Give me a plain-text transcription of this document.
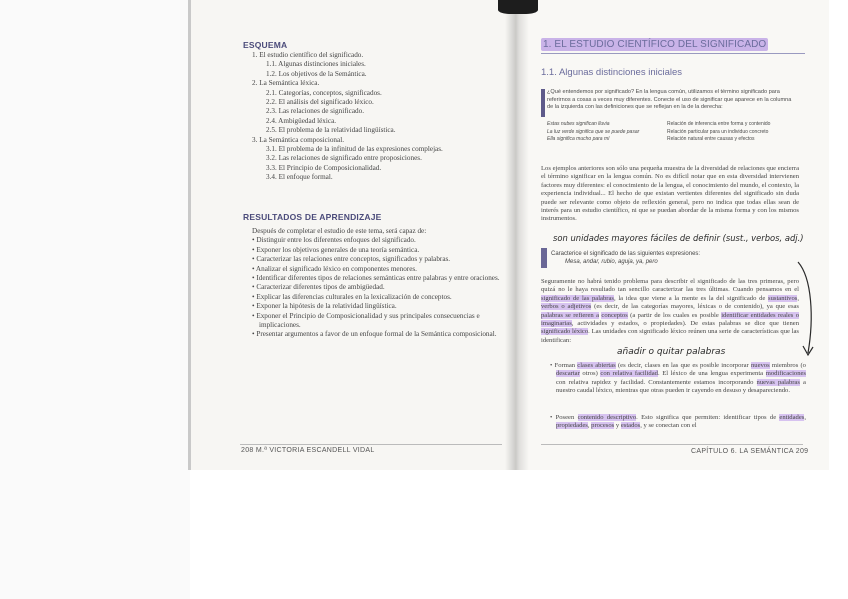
ESQUEMA
1. El estudio científico del significado.
1.1. Algunas distinciones iniciales.
1.2. Los objetivos de la Semántica.
2. La Semántica léxica.
2.1. Categorías, conceptos, significados.
2.2. El análisis del significado léxico.
2.3. Las relaciones de significado.
2.4. Ambigüedad léxica.
2.5. El problema de la relatividad lingüística.
3. La Semántica composicional.
3.1. El problema de la infinitud de las expresiones complejas.
3.2. Las relaciones de significado entre proposiciones.
3.3. El Principio de Composicionalidad.
3.4. El enfoque formal.
RESULTADOS DE APRENDIZAJE
Después de completar el estudio de este tema, será capaz de:
• Distinguir entre los diferentes enfoques del significado.
• Exponer los objetivos generales de una teoría semántica.
• Caracterizar las relaciones entre conceptos, significados y palabras.
• Analizar el significado léxico en componentes menores.
• Identificar diferentes tipos de relaciones semánticas entre palabras y entre oraciones.
• Caracterizar diferentes tipos de ambigüedad.
• Explicar las diferencias culturales en la lexicalización de conceptos.
• Exponer la hipótesis de la relatividad lingüística.
• Exponer el Principio de Composicionalidad y sus principales consecuencias e implicaciones.
• Presentar argumentos a favor de un enfoque formal de la Semántica composicional.
208 M.ª VICTORIA ESCANDELL VIDAL
1. EL ESTUDIO CIENTÍFICO DEL SIGNIFICADO
1.1. Algunas distinciones iniciales
¿Qué entendemos por significado? En la lengua común, utilizamos el término significado para referirnos a cosas a veces muy diferentes. Conecte el uso de significar que aparece en la columna de la izquierda con las definiciones que se reflejan en la de la derecha:
Estas nubes significan lluvia	Relación de inferencia entre forma y contenido
La luz verde significa que se puede pasar	Relación particular para un individuo concreto
Ella significa mucho para mí	Relación natural entre causas y efectos
Los ejemplos anteriores son sólo una pequeña muestra de la diversidad de relaciones que encierra el término significar en la lengua común. No es difícil notar que en esta diversidad intervienen factores muy diferentes: el conocimiento de la lengua, el conocimiento del mundo, el contexto, la experiencia individual... El hecho de que existan vertientes diferentes del significado sin duda puede ser relevante como objeto de reflexión general, pero no indica que todas ellas sean de interés para un estudio científico, ni que se puedan abordar de la misma forma y con los mismos instrumentos.
son unidades mayores fáciles de definir (sust., verbos, adj.)
Caracterice el significado de las siguientes expresiones:
Mesa, andar, rubio, aguja, ya, pero
Seguramente no habrá tenido problema para describir el significado de las tres primeras, pero quizá no le haya resultado tan sencillo caracterizar las tres últimas. Cuando pensamos en el significado de las palabras, la idea que viene a la mente es la del significado de sustantivos, verbos o adjetivos (es decir, de las categorías mayores, léxicas o de contenido), ya que esas palabras se refieren a conceptos (a partir de los cuales es posible identificar entidades reales o imaginarias, actividades y estados, o propiedades). De estas palabras se dice que tienen significado léxico. Las unidades con significado léxico reúnen una serie de características que las identifican:
añadir o quitar palabras
• Forman clases abiertas (es decir, clases en las que es posible incorporar nuevos miembros (o descartar otros) con relativa facilidad. El léxico de una lengua experimenta modificaciones con relativa rapidez y facilidad. Constantemente estamos incorporando nuevas palabras a nuestro caudal léxico, mientras que otras pueden ir cayendo en desuso y desapareciendo.
• Poseen contenido descriptivo. Esto significa que permiten: identificar tipos de entidades, propiedades, procesos y estados, y se conectan con el
CAPÍTULO 6. LA SEMÁNTICA 209
